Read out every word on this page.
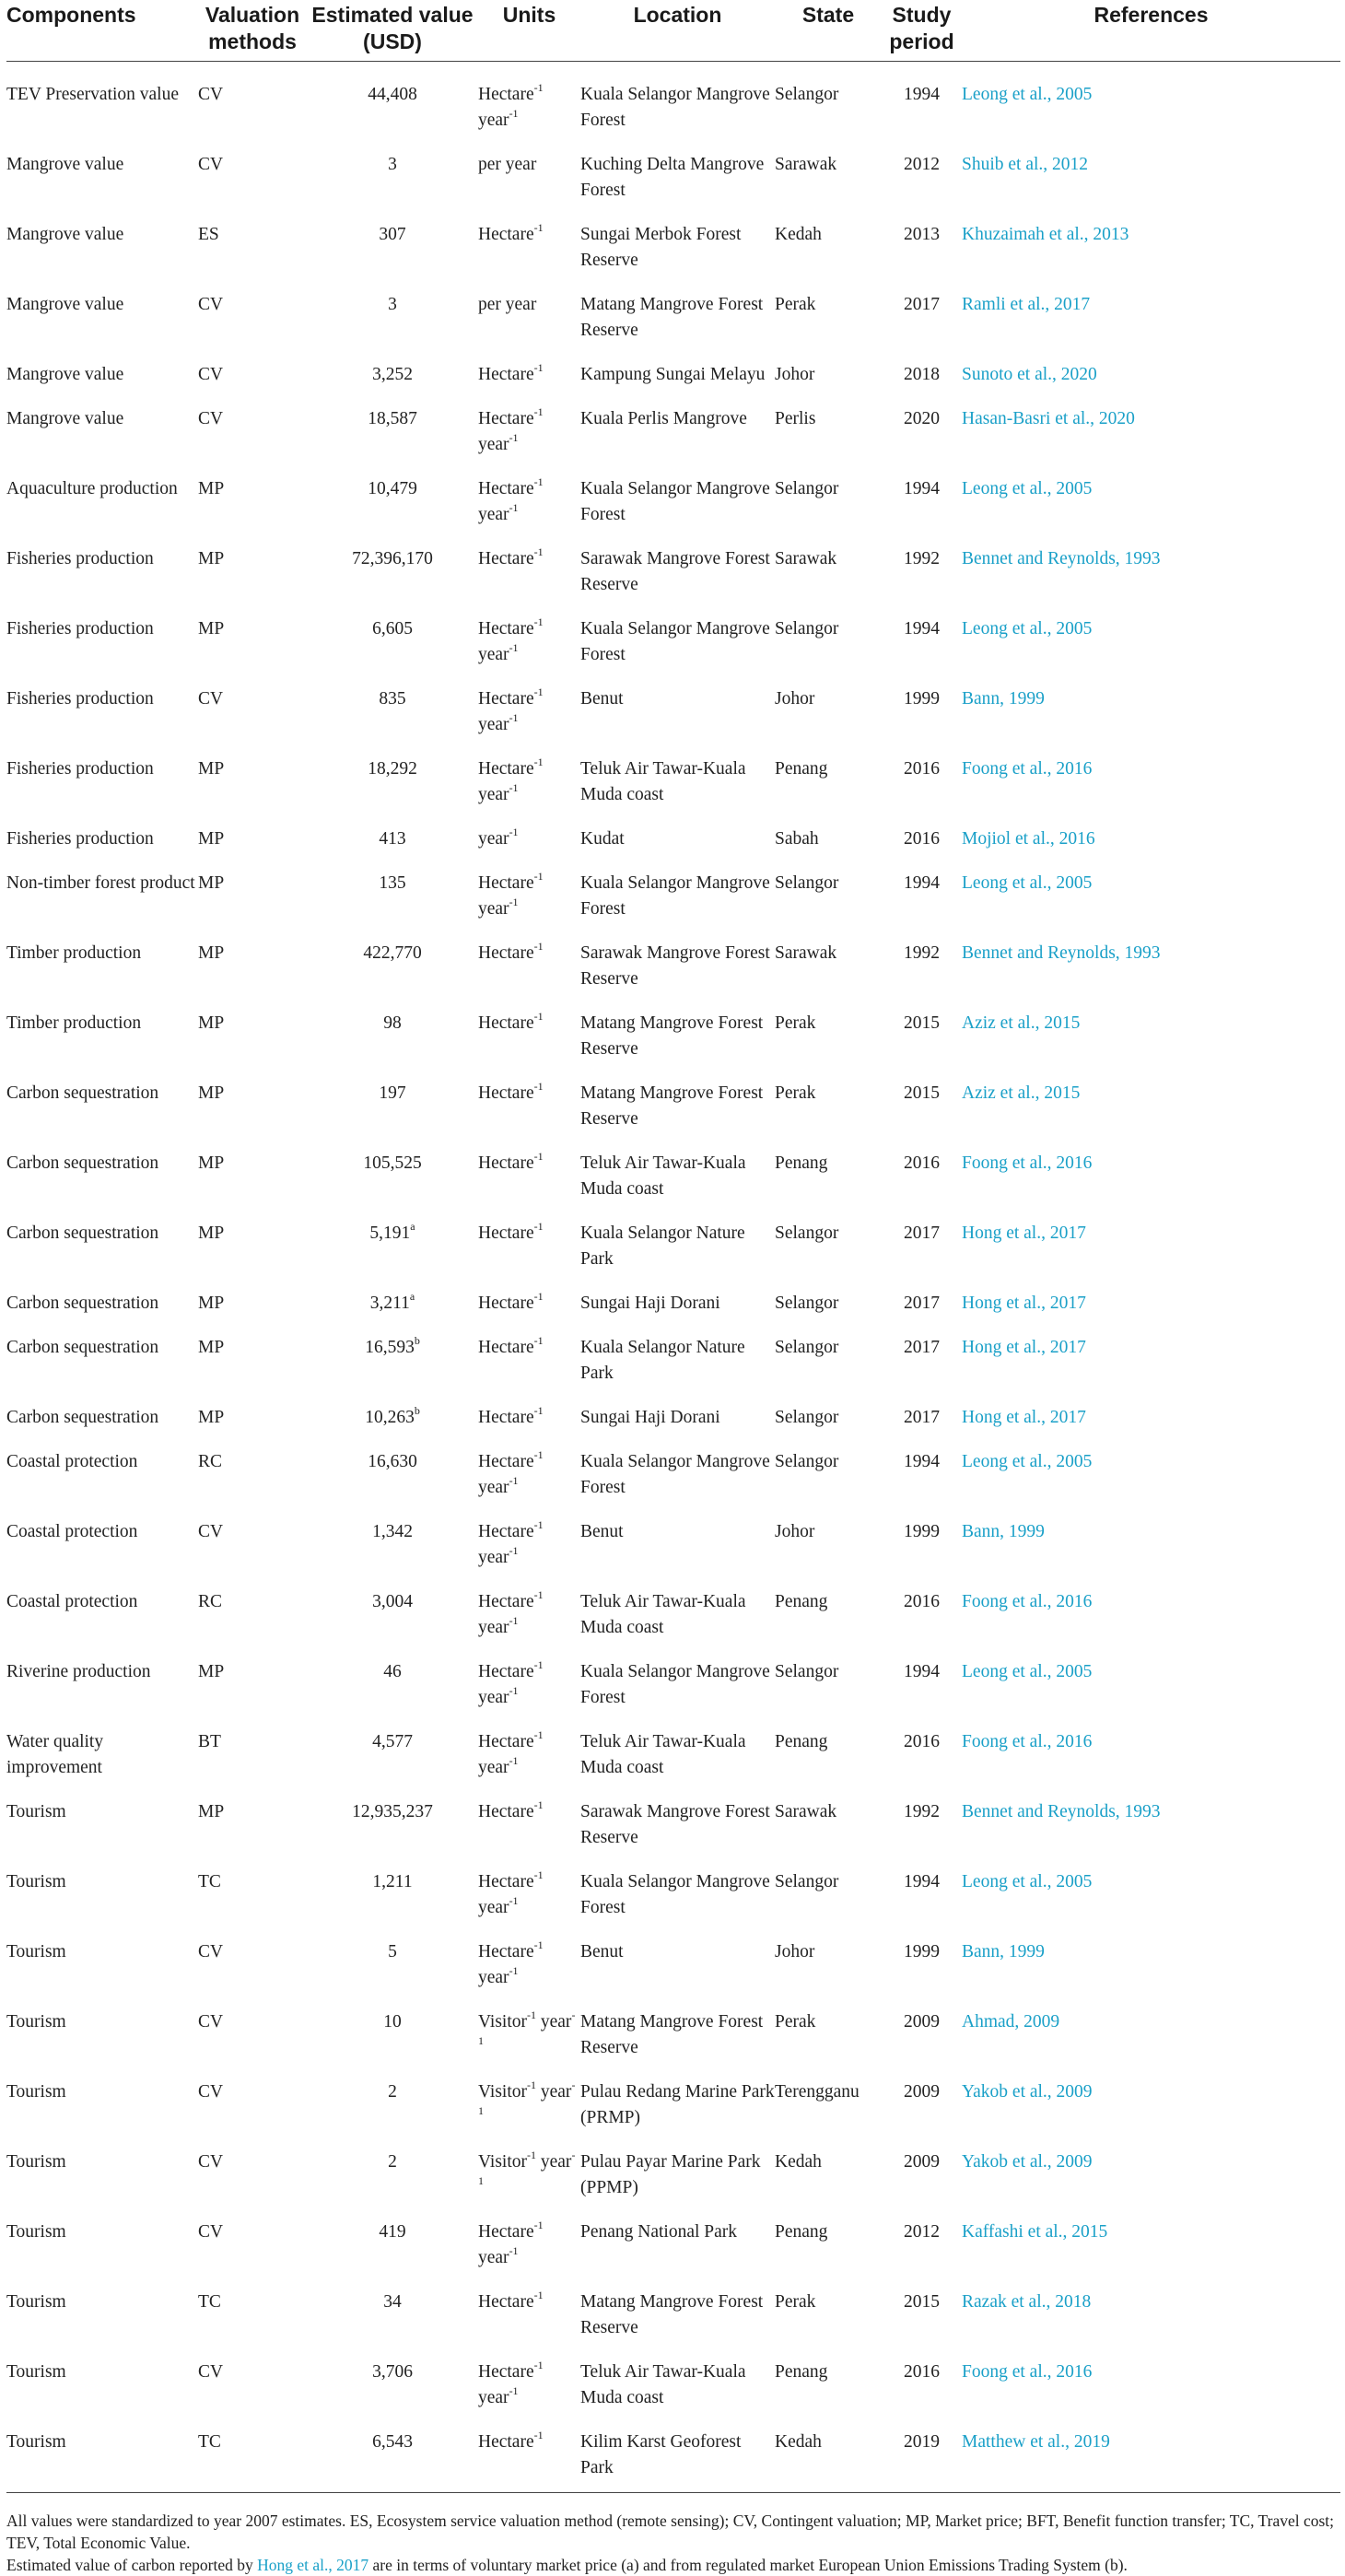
Components	Valuation methods	Estimated value (USD)	Units	Location	State	Study period	References
TEV Preservation value	CV	44,408	Hectare$^{-1}$ year$^{-1}$	Kuala Selangor Mangrove Forest	Selangor	1994	Leong et al., 2005
Mangrove value	CV	3	per year	Kuching Delta Mangrove Forest	Sarawak	2012	Shuib et al., 2012
Mangrove value	ES	307	Hectare$^{-1}$	Sungai Merbok Forest Reserve	Kedah	2013	Khuzaimah et al., 2013
Mangrove value	CV	3	per year	Matang Mangrove Forest Reserve	Perak	2017	Ramli et al., 2017
Mangrove value	CV	3,252	Hectare$^{-1}$	Kampung Sungai Melayu	Johor	2018	Sunoto et al., 2020
Mangrove value	CV	18,587	Hectare$^{-1}$ year$^{-1}$	Kuala Perlis Mangrove	Perlis	2020	Hasan-Basri et al., 2020
Aquaculture production	MP	10,479	Hectare$^{-1}$ year$^{-1}$	Kuala Selangor Mangrove Forest	Selangor	1994	Leong et al., 2005
Fisheries production	MP	72,396,170	Hectare$^{-1}$	Sarawak Mangrove Forest Reserve	Sarawak	1992	Bennet and Reynolds, 1993
Fisheries production	MP	6,605	Hectare$^{-1}$ year$^{-1}$	Kuala Selangor Mangrove Forest	Selangor	1994	Leong et al., 2005
Fisheries production	CV	835	Hectare$^{-1}$ year$^{-1}$	Benut	Johor	1999	Bann, 1999
Fisheries production	MP	18,292	Hectare$^{-1}$ year$^{-1}$	Teluk Air Tawar-Kuala Muda coast	Penang	2016	Foong et al., 2016
Fisheries production	MP	413	year$^{-1}$	Kudat	Sabah	2016	Mojiol et al., 2016
Non-timber forest product	MP	135	Hectare$^{-1}$ year$^{-1}$	Kuala Selangor Mangrove Forest	Selangor	1994	Leong et al., 2005
Timber production	MP	422,770	Hectare$^{-1}$	Sarawak Mangrove Forest Reserve	Sarawak	1992	Bennet and Reynolds, 1993
Timber production	MP	98	Hectare$^{-1}$	Matang Mangrove Forest Reserve	Perak	2015	Aziz et al., 2015
Carbon sequestration	MP	197	Hectare$^{-1}$	Matang Mangrove Forest Reserve	Perak	2015	Aziz et al., 2015
Carbon sequestration	MP	105,525	Hectare$^{-1}$	Teluk Air Tawar-Kuala Muda coast	Penang	2016	Foong et al., 2016
Carbon sequestration	MP	5,191$^a$	Hectare$^{-1}$	Kuala Selangor Nature Park	Selangor	2017	Hong et al., 2017
Carbon sequestration	MP	3,211$^a$	Hectare$^{-1}$	Sungai Haji Dorani	Selangor	2017	Hong et al., 2017
Carbon sequestration	MP	16,593$^b$	Hectare$^{-1}$	Kuala Selangor Nature Park	Selangor	2017	Hong et al., 2017
Carbon sequestration	MP	10,263$^b$	Hectare$^{-1}$	Sungai Haji Dorani	Selangor	2017	Hong et al., 2017
Coastal protection	RC	16,630	Hectare$^{-1}$ year$^{-1}$	Kuala Selangor Mangrove Forest	Selangor	1994	Leong et al., 2005
Coastal protection	CV	1,342	Hectare$^{-1}$ year$^{-1}$	Benut	Johor	1999	Bann, 1999
Coastal protection	RC	3,004	Hectare$^{-1}$ year$^{-1}$	Teluk Air Tawar-Kuala Muda coast	Penang	2016	Foong et al., 2016
Riverine production	MP	46	Hectare$^{-1}$ year$^{-1}$	Kuala Selangor Mangrove Forest	Selangor	1994	Leong et al., 2005
Water quality improvement	BT	4,577	Hectare$^{-1}$ year$^{-1}$	Teluk Air Tawar-Kuala Muda coast	Penang	2016	Foong et al., 2016
Tourism	MP	12,935,237	Hectare$^{-1}$	Sarawak Mangrove Forest Reserve	Sarawak	1992	Bennet and Reynolds, 1993
Tourism	TC	1,211	Hectare$^{-1}$ year$^{-1}$	Kuala Selangor Mangrove Forest	Selangor	1994	Leong et al., 2005
Tourism	CV	5	Hectare$^{-1}$ year$^{-1}$	Benut	Johor	1999	Bann, 1999
Tourism	CV	10	Visitor$^{-1}$ year$^{-1}$	Matang Mangrove Forest Reserve	Perak	2009	Ahmad, 2009
Tourism	CV	2	Visitor$^{-1}$ year$^{-1}$	Pulau Redang Marine Park (PRMP)	Terengganu	2009	Yakob et al., 2009
Tourism	CV	2	Visitor$^{-1}$ year$^{-1}$	Pulau Payar Marine Park (PPMP)	Kedah	2009	Yakob et al., 2009
Tourism	CV	419	Hectare$^{-1}$ year$^{-1}$	Penang National Park	Penang	2012	Kaffashi et al., 2015
Tourism	TC	34	Hectare$^{-1}$	Matang Mangrove Forest Reserve	Perak	2015	Razak et al., 2018
Tourism	CV	3,706	Hectare$^{-1}$ year$^{-1}$	Teluk Air Tawar-Kuala Muda coast	Penang	2016	Foong et al., 2016
Tourism	TC	6,543	Hectare$^{-1}$	Kilim Karst Geoforest Park	Kedah	2019	Matthew et al., 2019

All values were standardized to year 2007 estimates. ES, Ecosystem service valuation method (remote sensing); CV, Contingent valuation; MP, Market price; BFT, Benefit function transfer; TC, Travel cost; TEV, Total Economic Value.

Estimated value of carbon reported by Hong et al., 2017 are in terms of voluntary market price (a) and from regulated market European Union Emissions Trading System (b).
